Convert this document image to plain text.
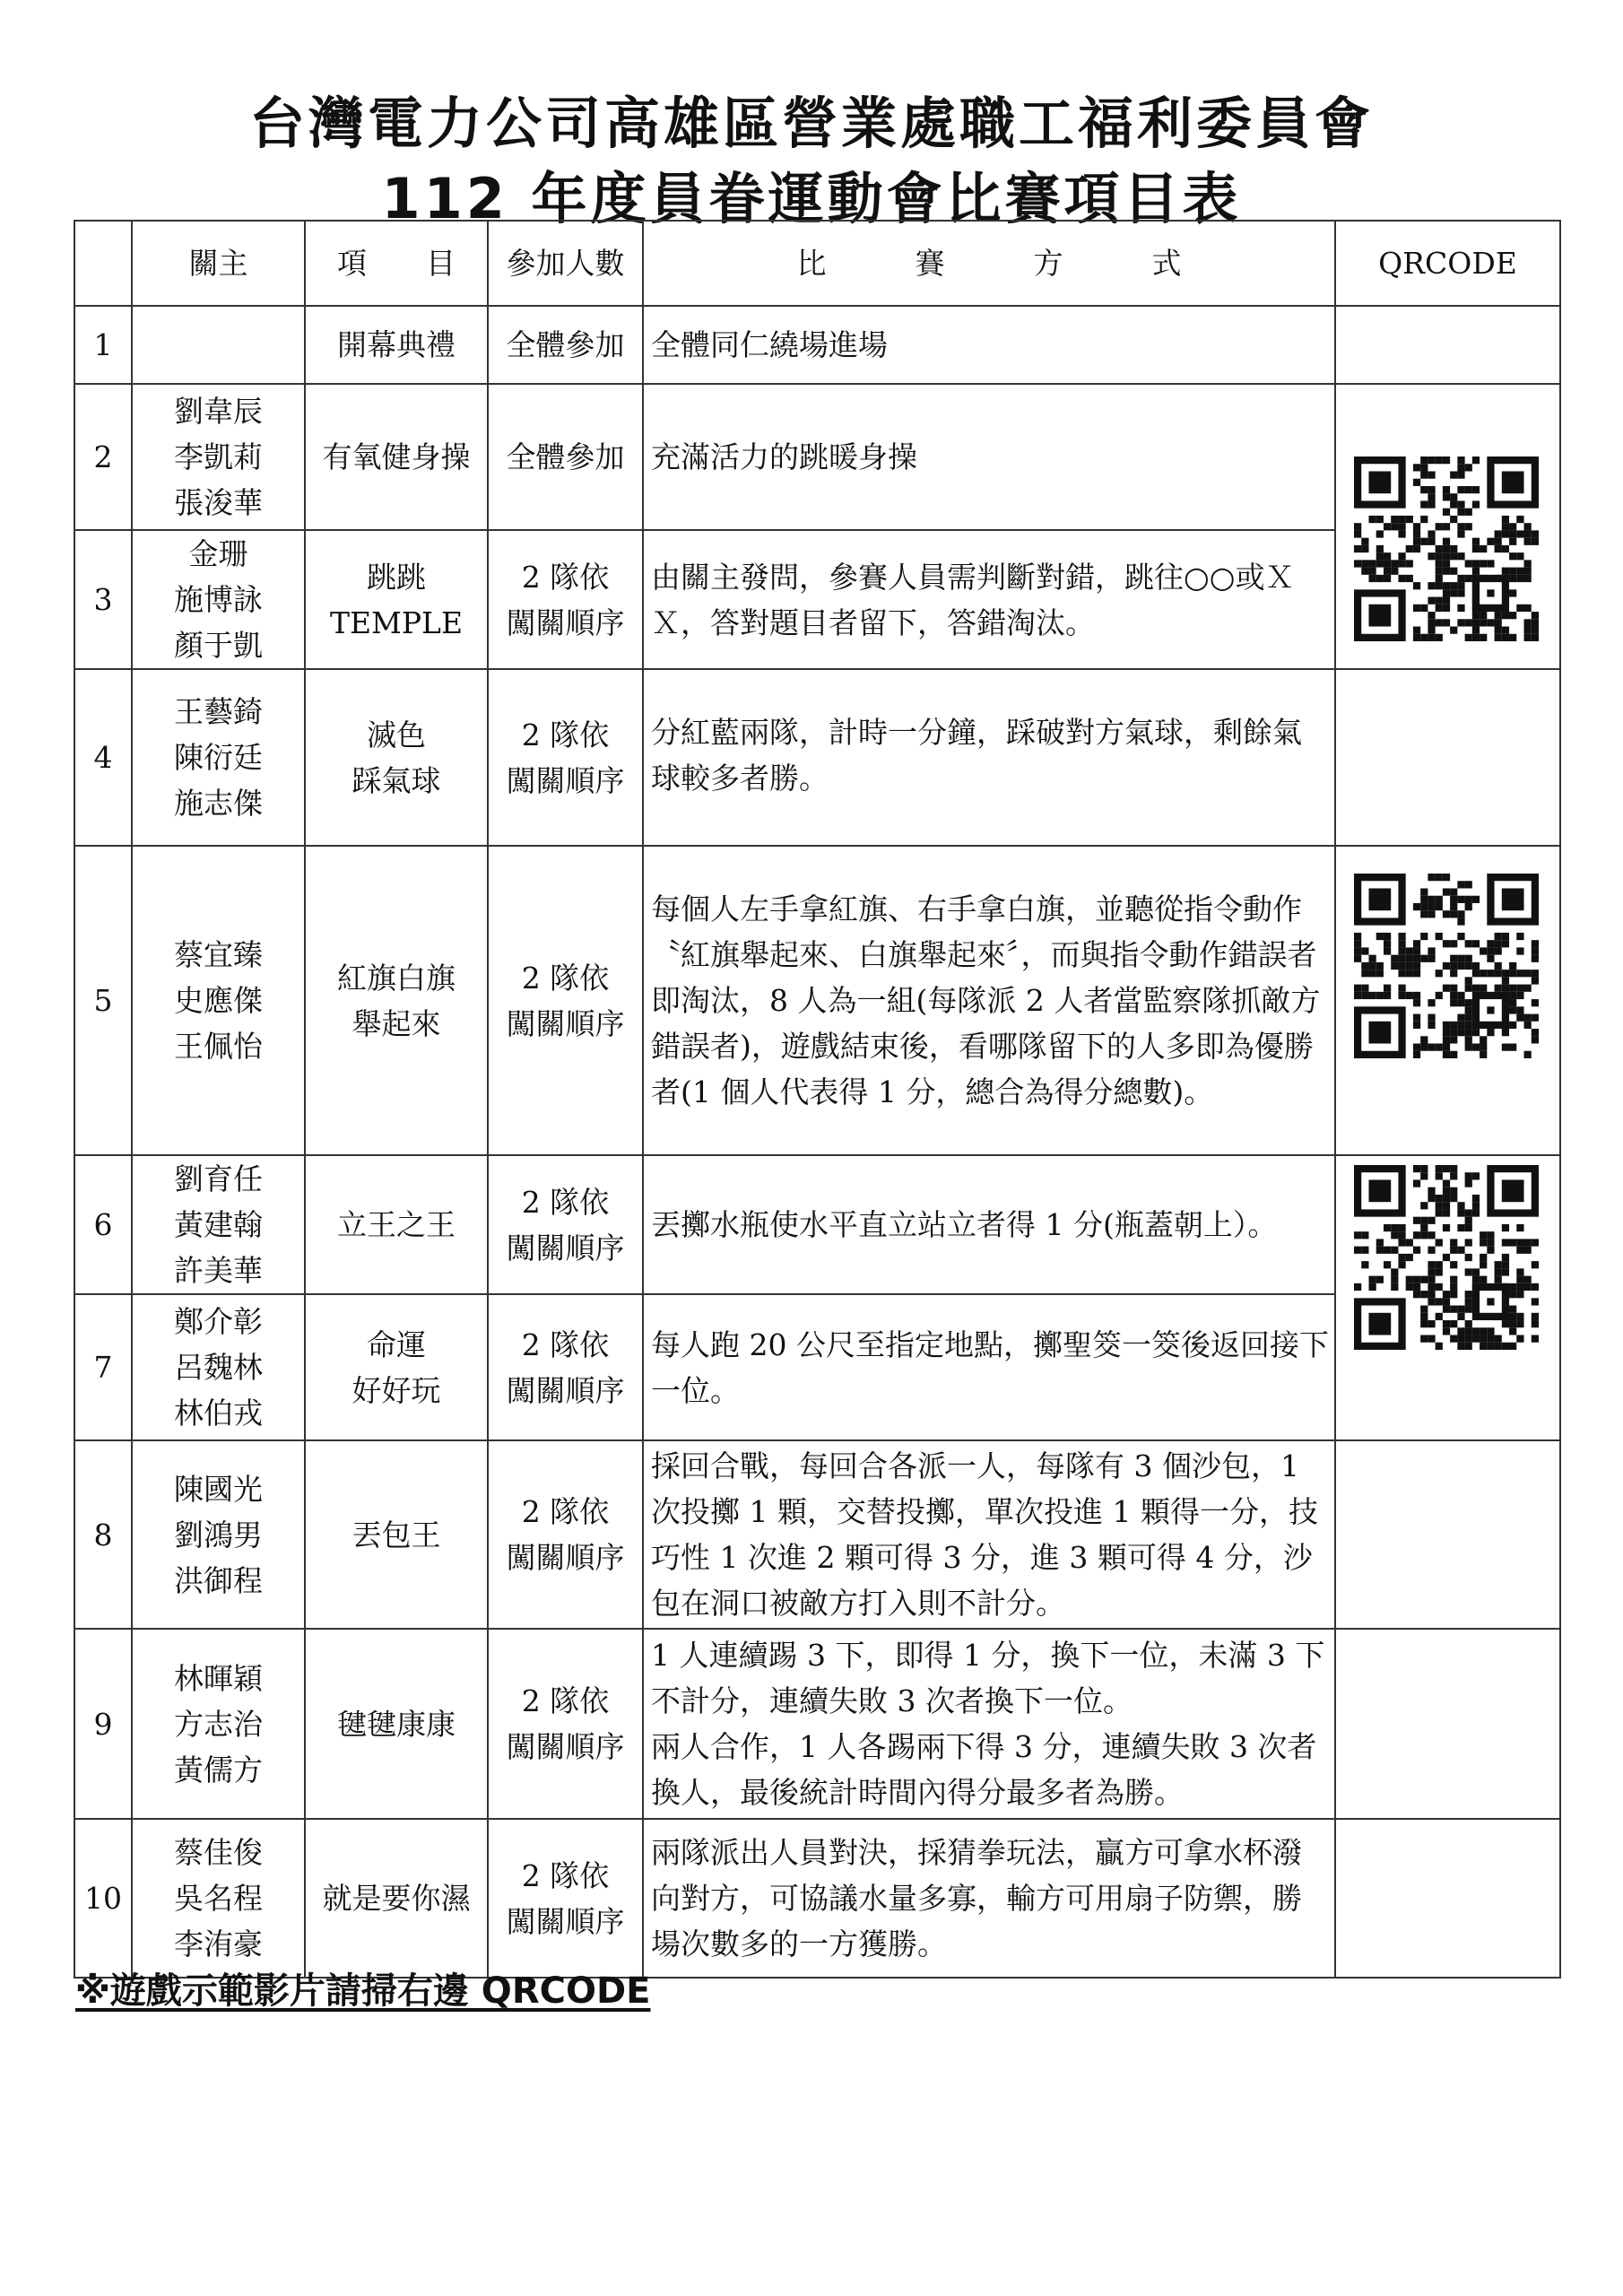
台灣電力公司高雄區營業處職工福利委員會
112 年度員眷運動會比賽項目表
	關主	項　　目	參加人數	比　　　賽　　　方　　　式	QRCODE
1		開幕典禮	全體參加	全體同仁繞場進場	
2	劉韋辰
李凱莉
張浚華	有氧健身操	全體參加	充滿活力的跳暖身操	

3	金珊
施博詠
顏于凱	跳跳
TEMPLE	2 隊依
闖關順序	由關主發問，參賽人員需判斷對錯，跳往○○或ＸＸ，答對題目者留下，答錯淘汰。	
4	王藝錡
陳衍廷
施志傑	滅色
踩氣球	2 隊依
闖關順序	分紅藍兩隊，計時一分鐘，踩破對方氣球，剩餘氣球較多者勝。	
5	蔡宜臻
史應傑
王佩怡	紅旗白旗
舉起來	2 隊依
闖關順序	每個人左手拿紅旗、右手拿白旗，並聽從指令動作〝紅旗舉起來、白旗舉起來〞，而與指令動作錯誤者即淘汰，8 人為一組(每隊派 2 人者當監察隊抓敵方錯誤者)，遊戲結束後，看哪隊留下的人多即為優勝者(1 個人代表得 1 分，總合為得分總數)。	

6	劉育任
黃建翰
許美華	立王之王	2 隊依
闖關順序	丟擲水瓶使水平直立站立者得 1 分(瓶蓋朝上）。	

7	鄭介彰
呂魏林
林伯戎	命運
好好玩	2 隊依
闖關順序	每人跑 20 公尺至指定地點，擲聖筊一筊後返回接下一位。	
8	陳國光
劉鴻男
洪御程	丟包王	2 隊依
闖關順序	採回合戰，每回合各派一人，每隊有 3 個沙包，1 次投擲 1 顆，交替投擲，單次投進 1 顆得一分，技巧性 1 次進 2 顆可得 3 分，進 3 顆可得 4 分，沙包在洞口被敵方打入則不計分。	
9	林暉穎
方志治
黃儒方	毽毽康康	2 隊依
闖關順序	1 人連續踢 3 下，即得 1 分，換下一位，未滿 3 下不計分，連續失敗 3 次者換下一位。
兩人合作，1 人各踢兩下得 3 分，連續失敗 3 次者換人，最後統計時間內得分最多者為勝。	
10	蔡佳俊
吳名程
李洧豪	就是要你濕	2 隊依
闖關順序	兩隊派出人員對決，採猜拳玩法，贏方可拿水杯潑向對方，可協議水量多寡，輸方可用扇子防禦，勝場次數多的一方獲勝。	
※遊戲示範影片請掃右邊 QRCODE
